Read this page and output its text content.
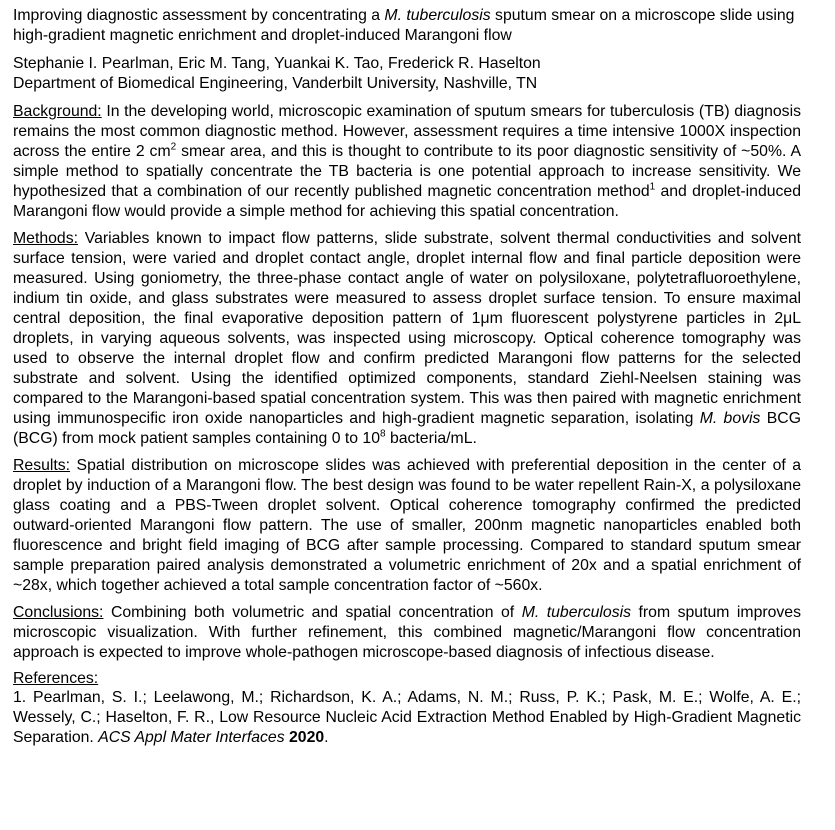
Improving diagnostic assessment by concentrating a M. tuberculosis sputum smear on a microscope slide using high-gradient magnetic enrichment and droplet-induced Marangoni flow

Stephanie I. Pearlman, Eric M. Tang, Yuankai K. Tao, Frederick R. Haselton
Department of Biomedical Engineering, Vanderbilt University, Nashville, TN

Background: In the developing world, microscopic examination of sputum smears for tuberculosis (TB) diagnosis remains the most common diagnostic method. However, assessment requires a time intensive 1000X inspection across the entire 2 $cm^2$ smear area, and this is thought to contribute to its poor diagnostic sensitivity of ~50%. A simple method to spatially concentrate the TB bacteria is one potential approach to increase sensitivity. We hypothesized that a combination of our recently published magnetic concentration method$^1$ and droplet-induced Marangoni flow would provide a simple method for achieving this spatial concentration.

Methods: Variables known to impact flow patterns, slide substrate, solvent thermal conductivities and solvent surface tension, were varied and droplet contact angle, droplet internal flow and final particle deposition were measured. Using goniometry, the three-phase contact angle of water on polysiloxane, polytetrafluoroethylene, indium tin oxide, and glass substrates were measured to assess droplet surface tension. To ensure maximal central deposition, the final evaporative deposition pattern of 1μm fluorescent polystyrene particles in 2μL droplets, in varying aqueous solvents, was inspected using microscopy. Optical coherence tomography was used to observe the internal droplet flow and confirm predicted Marangoni flow patterns for the selected substrate and solvent. Using the identified optimized components, standard Ziehl-Neelsen staining was compared to the Marangoni-based spatial concentration system. This was then paired with magnetic enrichment using immunospecific iron oxide nanoparticles and high-gradient magnetic separation, isolating M. bovis BCG (BCG) from mock patient samples containing 0 to $10^8$ bacteria/mL.

Results: Spatial distribution on microscope slides was achieved with preferential deposition in the center of a droplet by induction of a Marangoni flow. The best design was found to be water repellent Rain-X, a polysiloxane glass coating and a PBS-Tween droplet solvent. Optical coherence tomography confirmed the predicted outward-oriented Marangoni flow pattern. The use of smaller, 200nm magnetic nanoparticles enabled both fluorescence and bright field imaging of BCG after sample processing. Compared to standard sputum smear sample preparation paired analysis demonstrated a volumetric enrichment of 20x and a spatial enrichment of ~28x, which together achieved a total sample concentration factor of ~560x.

Conclusions: Combining both volumetric and spatial concentration of M. tuberculosis from sputum improves microscopic visualization. With further refinement, this combined magnetic/Marangoni flow concentration approach is expected to improve whole-pathogen microscope-based diagnosis of infectious disease.

References:

1. Pearlman, S. I.; Leelawong, M.; Richardson, K. A.; Adams, N. M.; Russ, P. K.; Pask, M. E.; Wolfe, A. E.; Wessely, C.; Haselton, F. R., Low Resource Nucleic Acid Extraction Method Enabled by High-Gradient Magnetic Separation. ACS Appl Mater Interfaces 2020.
